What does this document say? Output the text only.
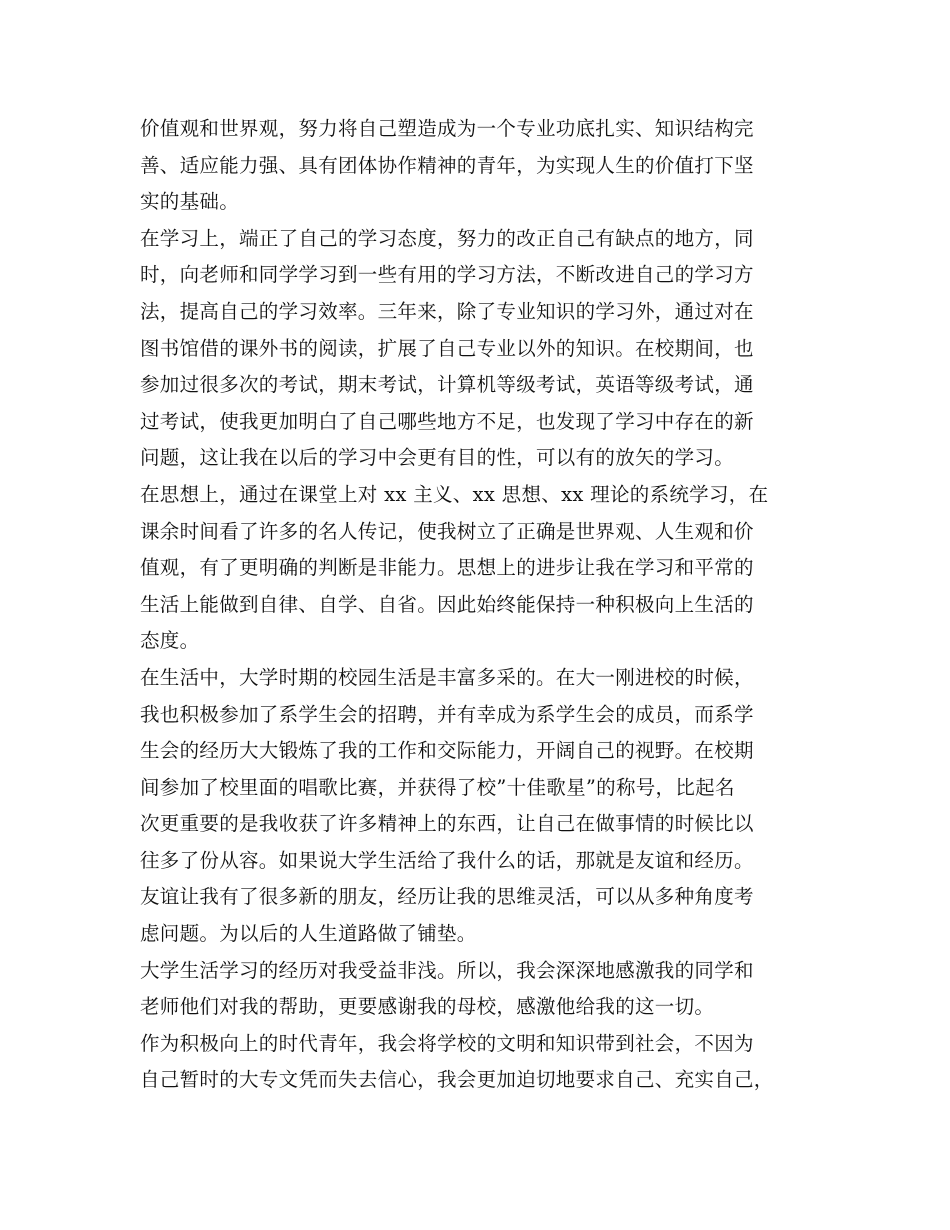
价值观和世界观，努力将自己塑造成为一个专业功底扎实、知识结构完
善、适应能力强、具有团体协作精神的青年，为实现人生的价值打下坚
实的基础。
在学习上，端正了自己的学习态度，努力的改正自己有缺点的地方，同
时，向老师和同学学习到一些有用的学习方法，不断改进自己的学习方
法，提高自己的学习效率。三年来，除了专业知识的学习外，通过对在
图书馆借的课外书的阅读，扩展了自己专业以外的知识。在校期间，也
参加过很多次的考试，期末考试，计算机等级考试，英语等级考试，通
过考试，使我更加明白了自己哪些地方不足，也发现了学习中存在的新
问题，这让我在以后的学习中会更有目的性，可以有的放矢的学习。
在思想上，通过在课堂上对 xx 主义、xx 思想、xx 理论的系统学习，在
课余时间看了许多的名人传记，使我树立了正确是世界观、人生观和价
值观，有了更明确的判断是非能力。思想上的进步让我在学习和平常的
生活上能做到自律、自学、自省。因此始终能保持一种积极向上生活的
态度。
在生活中，大学时期的校园生活是丰富多采的。在大一刚进校的时候，
我也积极参加了系学生会的招聘，并有幸成为系学生会的成员，而系学
生会的经历大大锻炼了我的工作和交际能力，开阔自己的视野。在校期
间参加了校里面的唱歌比赛，并获得了校”十佳歌星”的称号，比起名
次更重要的是我收获了许多精神上的东西，让自己在做事情的时候比以
往多了份从容。如果说大学生活给了我什么的话，那就是友谊和经历。
友谊让我有了很多新的朋友，经历让我的思维灵活，可以从多种角度考
虑问题。为以后的人生道路做了铺垫。
大学生活学习的经历对我受益非浅。所以，我会深深地感激我的同学和
老师他们对我的帮助，更要感谢我的母校，感激他给我的这一切。
作为积极向上的时代青年，我会将学校的文明和知识带到社会，不因为
自己暂时的大专文凭而失去信心，我会更加迫切地要求自己、充实自己，
